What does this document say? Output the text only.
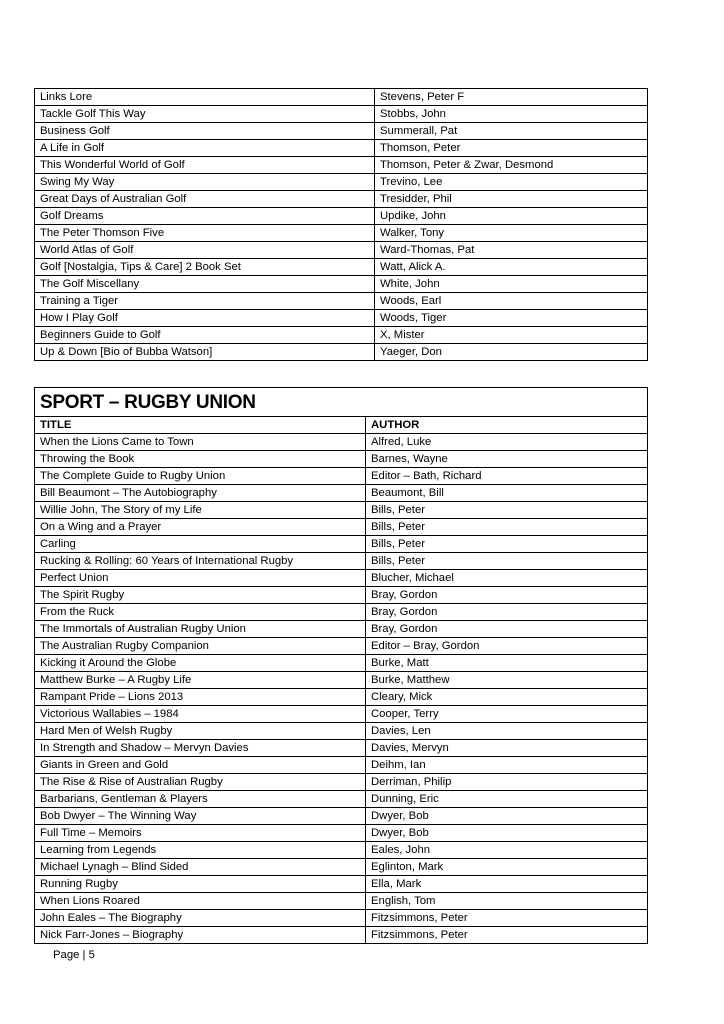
Links Lore	Stevens, Peter F
Tackle Golf This Way	Stobbs, John
Business Golf	Summerall, Pat
A Life in Golf	Thomson, Peter
This Wonderful World of Golf	Thomson, Peter & Zwar, Desmond
Swing My Way	Trevino, Lee
Great Days of Australian Golf	Tresidder, Phil
Golf Dreams	Updike, John
The Peter Thomson Five	Walker, Tony
World Atlas of Golf	Ward-Thomas, Pat
Golf [Nostalgia, Tips & Care] 2 Book Set	Watt, Alick A.
The Golf Miscellany	White, John
Training a Tiger	Woods, Earl
How I Play Golf	Woods, Tiger
Beginners Guide to Golf	X, Mister
Up & Down [Bio of Bubba Watson]	Yaeger, Don
SPORT – RUGBY UNION	
TITLE	AUTHOR
When the Lions Came to Town	Alfred, Luke
Throwing the Book	Barnes, Wayne
The Complete Guide to Rugby Union	Editor – Bath, Richard
Bill Beaumont – The Autobiography	Beaumont, Bill
Willie John, The Story of my Life	Bills, Peter
On a Wing and a Prayer	Bills, Peter
Carling	Bills, Peter
Rucking & Rolling: 60 Years of International Rugby	Bills, Peter
Perfect Union	Blucher, Michael
The Spirit Rugby	Bray, Gordon
From the Ruck	Bray, Gordon
The Immortals of Australian Rugby Union	Bray, Gordon
The Australian Rugby Companion	Editor – Bray, Gordon
Kicking it Around the Globe	Burke, Matt
Matthew Burke – A Rugby Life	Burke, Matthew
Rampant Pride – Lions 2013	Cleary, Mick
Victorious Wallabies – 1984	Cooper, Terry
Hard Men of Welsh Rugby	Davies, Len
In Strength and Shadow – Mervyn Davies	Davies, Mervyn
Giants in Green and Gold	Deihm, Ian
The Rise & Rise of Australian Rugby	Derriman, Philip
Barbarians, Gentleman & Players	Dunning, Eric
Bob Dwyer – The Winning Way	Dwyer, Bob
Full Time – Memoirs	Dwyer, Bob
Learning from Legends	Eales, John
Michael Lynagh – Blind Sided	Eglinton, Mark
Running Rugby	Ella, Mark
When Lions Roared	English, Tom
John Eales – The Biography	Fitzsimmons, Peter
Nick Farr-Jones – Biography	Fitzsimmons, Peter
Page | 5
